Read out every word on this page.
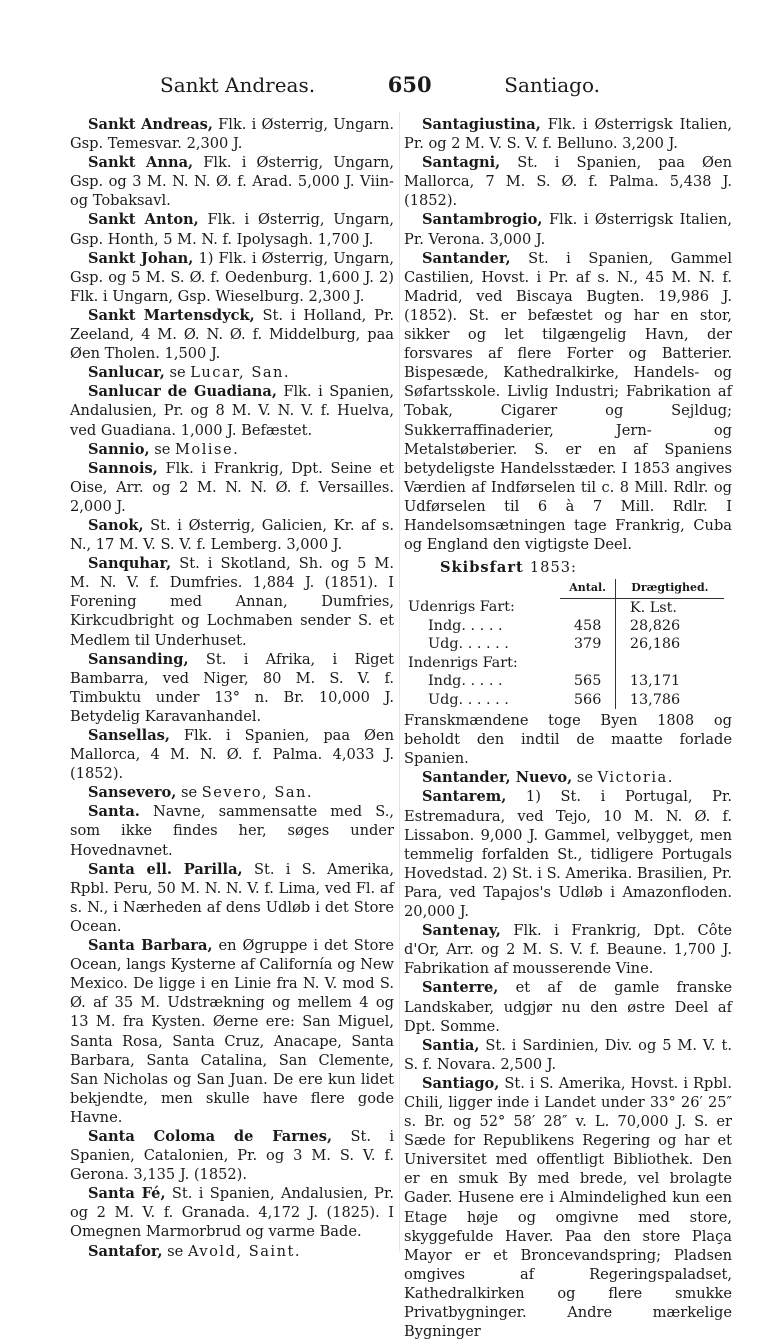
Sankt Andreas.	650	Santiago.

Sankt Andreas, Flk. i Østerrig, Ungarn. Gsp. Temesvar. 2,300 J.

Sankt Anna, Flk. i Østerrig, Ungarn, Gsp. og 3 M. N. N. Ø. f. Arad. 5,000 J. Viin- og Tobaksavl.

Sankt Anton, Flk. i Østerrig, Ungarn, Gsp. Honth, 5 M. N. f. Ipolysagh. 1,700 J.

Sankt Johan, 1) Flk. i Østerrig, Ungarn, Gsp. og 5 M. S. Ø. f. Oedenburg. 1,600 J. 2) Flk. i Ungarn, Gsp. Wieselburg. 2,300 J.

Sankt Martensdyck, St. i Holland, Pr. Zeeland, 4 M. Ø. N. Ø. f. Middelburg, paa Øen Tholen. 1,500 J.

Sanlucar, se Lucar, San.

Sanlucar de Guadiana, Flk. i Spanien, Andalusien, Pr. og 8 M. V. N. V. f. Huelva, ved Guadiana. 1,000 J. Befæstet.

Sannio, se Molise.

Sannois, Flk. i Frankrig, Dpt. Seine et Oise, Arr. og 2 M. N. N. Ø. f. Versailles. 2,000 J.

Sanok, St. i Østerrig, Galicien, Kr. af s. N., 17 M. V. S. V. f. Lemberg. 3,000 J.

Sanquhar, St. i Skotland, Sh. og 5 M. M. N. V. f. Dumfries. 1,884 J. (1851). I Forening med Annan, Dumfries, Kirkcudbright og Lochmaben sender S. et Medlem til Underhuset.

Sansanding, St. i Afrika, i Riget Bambarra, ved Niger, 80 M. S. V. f. Timbuktu under 13° n. Br. 10,000 J. Betydelig Karavanhandel.

Sansellas, Flk. i Spanien, paa Øen Mallorca, 4 M. N. Ø. f. Palma. 4,033 J. (1852).

Sansevero, se Severo, San.

Santa. Navne, sammensatte med S., som ikke findes her, søges under Hovednavnet.

Santa ell. Parilla, St. i S. Amerika, Rpbl. Peru, 50 M. N. N. V. f. Lima, ved Fl. af s. N., i Nærheden af dens Udløb i det Store Ocean.

Santa Barbara, en Øgruppe i det Store Ocean, langs Kysterne af Californía og New Mexico. De ligge i en Linie fra N. V. mod S. Ø. af 35 M. Udstrækning og mellem 4 og 13 M. fra Kysten. Øerne ere: San Miguel, Santa Rosa, Santa Cruz, Anacape, Santa Barbara, Santa Catalina, San Clemente, San Nicholas og San Juan. De ere kun lidet bekjendte, men skulle have flere gode Havne.

Santa Coloma de Farnes, St. i Spanien, Catalonien, Pr. og 3 M. S. V. f. Gerona. 3,135 J. (1852).

Santa Fé, St. i Spanien, Andalusien, Pr. og 2 M. V. f. Granada. 4,172 J. (1825). I Omegnen Marmorbrud og varme Bade.

Santafor, se Avold, Saint.

Santagiustina, Flk. i Østerrigsk Italien, Pr. og 2 M. V. S. V. f. Belluno. 3,200 J.

Santagni, St. i Spanien, paa Øen Mallorca, 7 M. S. Ø. f. Palma. 5,438 J. (1852).

Santambrogio, Flk. i Østerrigsk Italien, Pr. Verona. 3,000 J.

Santander, St. i Spanien, Gammel Castilien, Hovst. i Pr. af s. N., 45 M. N. f. Madrid, ved Biscaya Bugten. 19,986 J. (1852). St. er befæstet og har en stor, sikker og let tilgængelig Havn, der forsvares af flere Forter og Batterier. Bispesæde, Kathedralkirke, Handels- og Søfartsskole. Livlig Industri; Fabrikation af Tobak, Cigarer og Sejldug; Sukkerraffinaderier, Jern- og Metalstøberier. S. er en af Spaniens betydeligste Handelsstæder. I 1853 angives Værdien af Indførselen til c. 8 Mill. Rdlr. og Udførselen til 6 à 7 Mill. Rdlr. I Handelsomsætningen tage Frankrig, Cuba og England den vigtigste Deel.

Skibsfart 1853:

	Antal.	Drægtighed.
Udenrigs Fart:		K. Lst.
Indg. . . . .	458	28,826
Udg. . . . . .	379	26,186
Indenrigs Fart:		
Indg. . . . .	565	13,171
Udg. . . . . .	566	13,786

Franskmændene toge Byen 1808 og beholdt den indtil de maatte forlade Spanien.

Santander, Nuevo, se Victoria.

Santarem, 1) St. i Portugal, Pr. Estremadura, ved Tejo, 10 M. N. Ø. f. Lissabon. 9,000 J. Gammel, velbygget, men temmelig forfalden St., tidligere Portugals Hovedstad. 2) St. i S. Amerika. Brasilien, Pr. Para, ved Tapajos's Udløb i Amazonfloden. 20,000 J.

Santenay, Flk. i Frankrig, Dpt. Côte d'Or, Arr. og 2 M. S. V. f. Beaune. 1,700 J. Fabrikation af mousserende Vine.

Santerre, et af de gamle franske Landskaber, udgjør nu den østre Deel af Dpt. Somme.

Santia, St. i Sardinien, Div. og 5 M. V. t. S. f. Novara. 2,500 J.

Santiago, St. i S. Amerika, Hovst. i Rpbl. Chili, ligger inde i Landet under 33° 26′ 25″ s. Br. og 52° 58′ 28″ v. L. 70,000 J. S. er Sæde for Republikens Regering og har et Universitet med offentligt Bibliothek. Den er en smuk By med brede, vel brolagte Gader. Husene ere i Almindelighed kun een Etage høje og omgivne med store, skyggefulde Haver. Paa den store Plaça Mayor er et Broncevandspring; Pladsen omgives af Regeringspaladset, Kathedralkirken og flere smukke Privatbygninger. Andre mærkelige Bygninger
